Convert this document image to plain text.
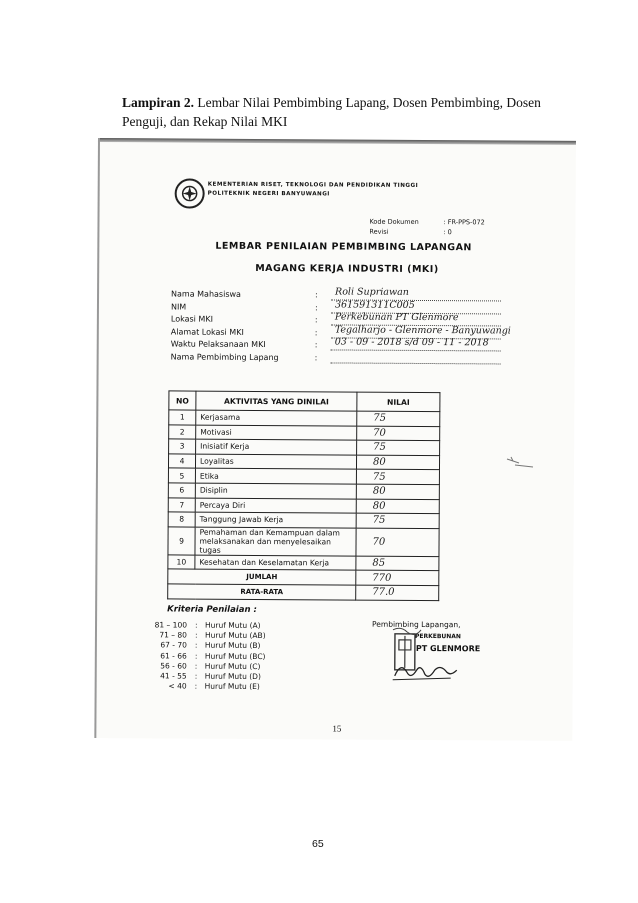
Lampiran 2. Lembar Nilai Pembimbing Lapang, Dosen Pembimbing, Dosen Penguji, dan Rekap Nilai MKI
KEMENTERIAN RISET, TEKNOLOGI DAN PENDIDIKAN TINGGI
POLITEKNIK NEGERI BANYUWANGI
Kode Dokumen	: FR-PPS-072
Revisi	: 0
LEMBAR PENILAIAN PEMBIMBING LAPANGAN
MAGANG KERJA INDUSTRI (MKI)
Nama Mahasiswa	:	Roli Supriawan
NIM	:	361591311C005
Lokasi MKI	:	Perkebunan PT Glenmore
Alamat Lokasi MKI	:	Tegalharjo - Glenmore - Banyuwangi
Waktu Pelaksanaan MKI	:	03 - 09 - 2018 s/d 09 - 11 - 2018
Nama Pembimbing Lapang	:
NO	AKTIVITAS YANG DINILAI	NILAI
1	Kerjasama	75
2	Motivasi	70
3	Inisiatif Kerja	75
4	Loyalitas	80
5	Etika	75
6	Disiplin	80
7	Percaya Diri	80
8	Tanggung Jawab Kerja	75
9	Pemahaman dan Kemampuan dalam melaksanakan dan menyelesaikan tugas	70
10	Kesehatan dan Keselamatan Kerja	85
JUMLAH		770
RATA-RATA		77.0
Kriteria Penilaian :
81 – 100 : Huruf Mutu (A)
71 – 80 : Huruf Mutu (AB)
67 - 70 : Huruf Mutu (B)
61 - 66 : Huruf Mutu (BC)
56 - 60 : Huruf Mutu (C)
41 - 55 : Huruf Mutu (D)
< 40 : Huruf Mutu (E)
Pembimbing Lapangan,
PERKEBUNAN
PT GLENMORE
15
65
